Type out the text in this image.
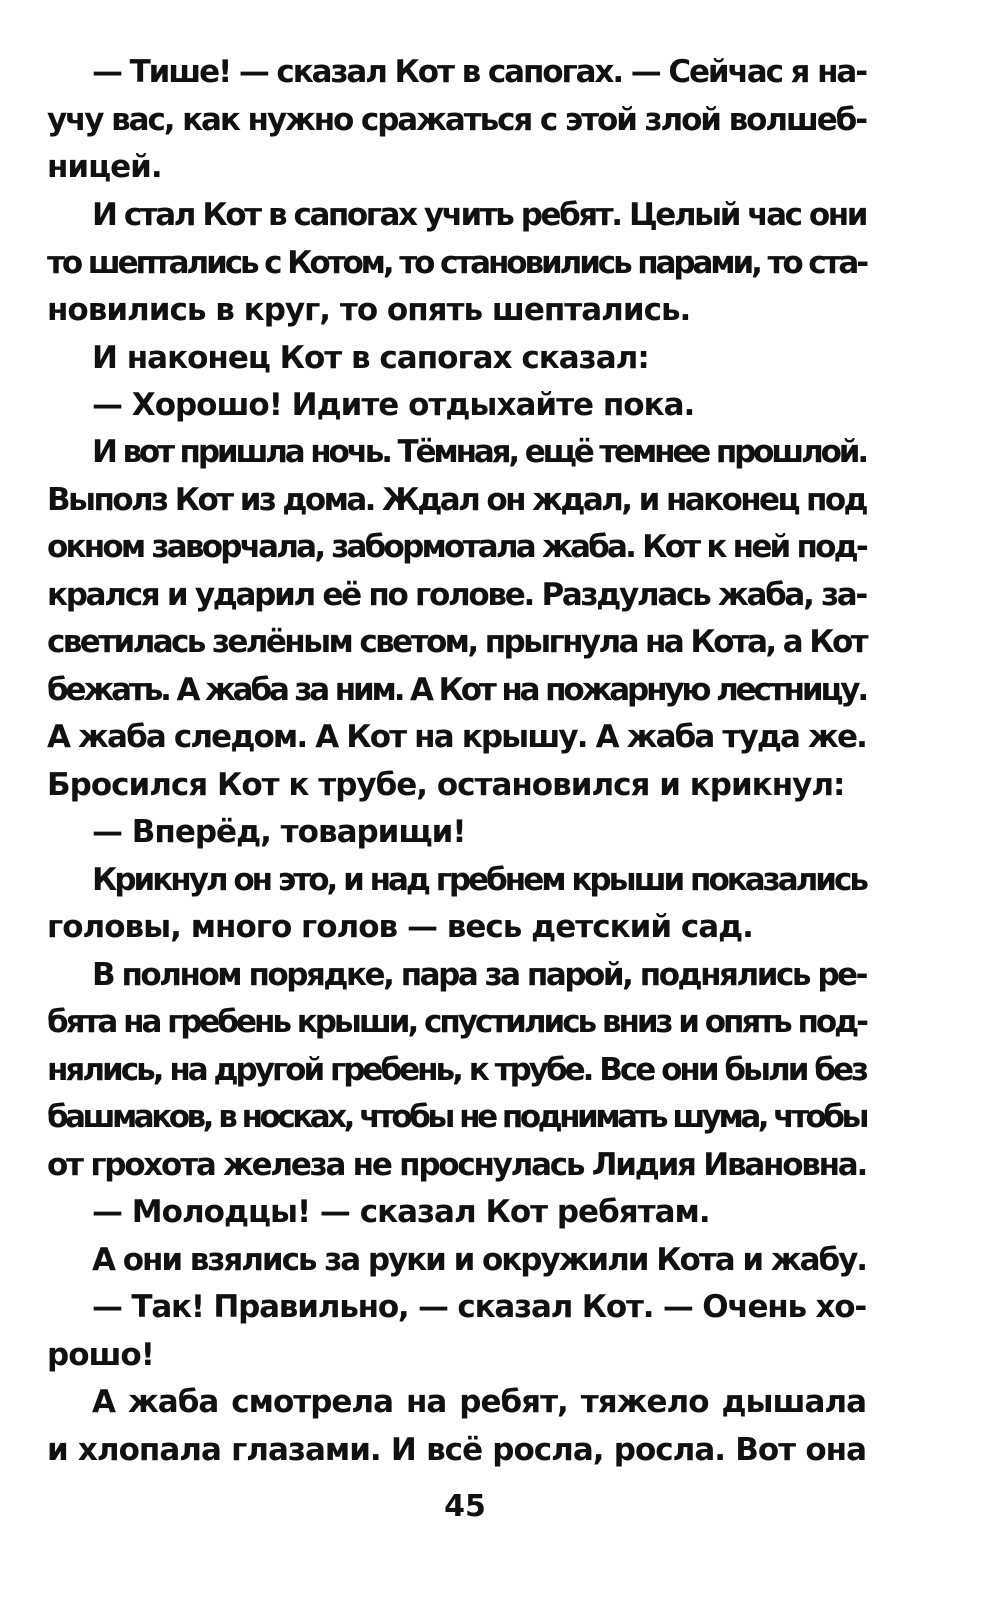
— Тише! — сказал Кот в сапогах. — Сейчас я на-
учу вас, как нужно сражаться с этой злой волшеб-
ницей.
И стал Кот в сапогах учить ребят. Целый час они
то шептались с Котом, то становились парами, то ста-
новились в круг, то опять шептались.
И наконец Кот в сапогах сказал:
— Хорошо! Идите отдыхайте пока.
И вот пришла ночь. Тёмная, ещё темнее прошлой.
Выполз Кот из дома. Ждал он ждал, и наконец под
окном заворчала, забормотала жаба. Кот к ней под-
крался и ударил её по голове. Раздулась жаба, за-
светилась зелёным светом, прыгнула на Кота, а Кот
бежать. А жаба за ним. А Кот на пожарную лестницу.
А жаба следом. А Кот на крышу. А жаба туда же.
Бросился Кот к трубе, остановился и крикнул:
— Вперёд, товарищи!
Крикнул он это, и над гребнем крыши показались
головы, много голов — весь детский сад.
В полном порядке, пара за парой, поднялись ре-
бята на гребень крыши, спустились вниз и опять под-
нялись, на другой гребень, к трубе. Все они были без
башмаков, в носках, чтобы не поднимать шума, чтобы
от грохота железа не проснулась Лидия Ивановна.
— Молодцы! — сказал Кот ребятам.
А они взялись за руки и окружили Кота и жабу.
— Так! Правильно, — сказал Кот. — Очень хо-
рошо!
А жаба смотрела на ребят, тяжело дышала
и хлопала глазами. И всё росла, росла. Вот она
45
